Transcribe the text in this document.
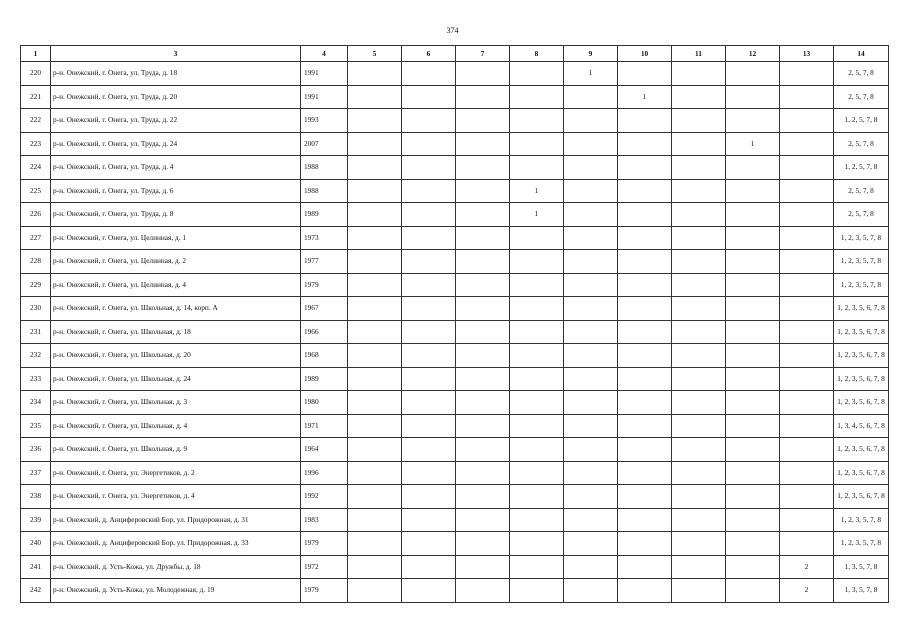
374
1	3	4	5	6	7	8	9	10	11	12	13	14
220	р-н. Онежский, г. Онега, ул. Труда, д. 18	1991					1					2, 5, 7, 8
221	р-н. Онежский, г. Онега, ул. Труда, д. 20	1991						1				2, 5, 7, 8
222	р-н. Онежский, г. Онега, ул. Труда, д. 22	1993										1, 2, 5, 7, 8
223	р-н. Онежский, г. Онега, ул. Труда, д. 24	2007								1		2, 5, 7, 8
224	р-н. Онежский, г. Онега, ул. Труда, д. 4	1988										1, 2, 5, 7, 8
225	р-н. Онежский, г. Онега, ул. Труда, д. 6	1988				1						2, 5, 7, 8
226	р-н. Онежский, г. Онега, ул. Труда, д. 8	1989				1						2, 5, 7, 8
227	р-н. Онежский, г. Онега, ул. Целинная, д. 1	1973										1, 2, 3, 5, 7, 8
228	р-н. Онежский, г. Онега, ул. Целинная, д. 2	1977										1, 2, 3, 5, 7, 8
229	р-н. Онежский, г. Онега, ул. Целинная, д. 4	1979										1, 2, 3, 5, 7, 8
230	р-н. Онежский, г. Онега, ул. Школьная, д. 14, корп. А	1967										1, 2, 3, 5, 6, 7, 8
231	р-н. Онежский, г. Онега, ул. Школьная, д. 18	1966										1, 2, 3, 5, 6, 7, 8
232	р-н. Онежский, г. Онега, ул. Школьная, д. 20	1968										1, 2, 3, 5, 6, 7, 8
233	р-н. Онежский, г. Онега, ул. Школьная, д. 24	1989										1, 2, 3, 5, 6, 7, 8
234	р-н. Онежский, г. Онега, ул. Школьная, д. 3	1980										1, 2, 3, 5, 6, 7, 8
235	р-н. Онежский, г. Онега, ул. Школьная, д. 4	1971										1, 3, 4, 5, 6, 7, 8
236	р-н. Онежский, г. Онега, ул. Школьная, д. 9	1964										1, 2, 3, 5, 6, 7, 8
237	р-н. Онежский, г. Онега, ул. Энергетиков, д. 2	1996										1, 2, 3, 5, 6, 7, 8
238	р-н. Онежский, г. Онега, ул. Энергетиков, д. 4	1992										1, 2, 3, 5, 6, 7, 8
239	р-н. Онежский, д. Анциферовский Бор, ул. Придорожная, д. 31	1983										1, 2, 3, 5, 7, 8
240	р-н. Онежский, д. Анциферовский Бор, ул. Придорожная, д. 33	1979										1, 2, 3, 5, 7, 8
241	р-н. Онежский, д. Усть-Кожа, ул. Дружбы, д. 18	1972									2	1, 3, 5, 7, 8
242	р-н. Онежский, д. Усть-Кожа, ул. Молодежная, д. 19	1979									2	1, 3, 5, 7, 8
